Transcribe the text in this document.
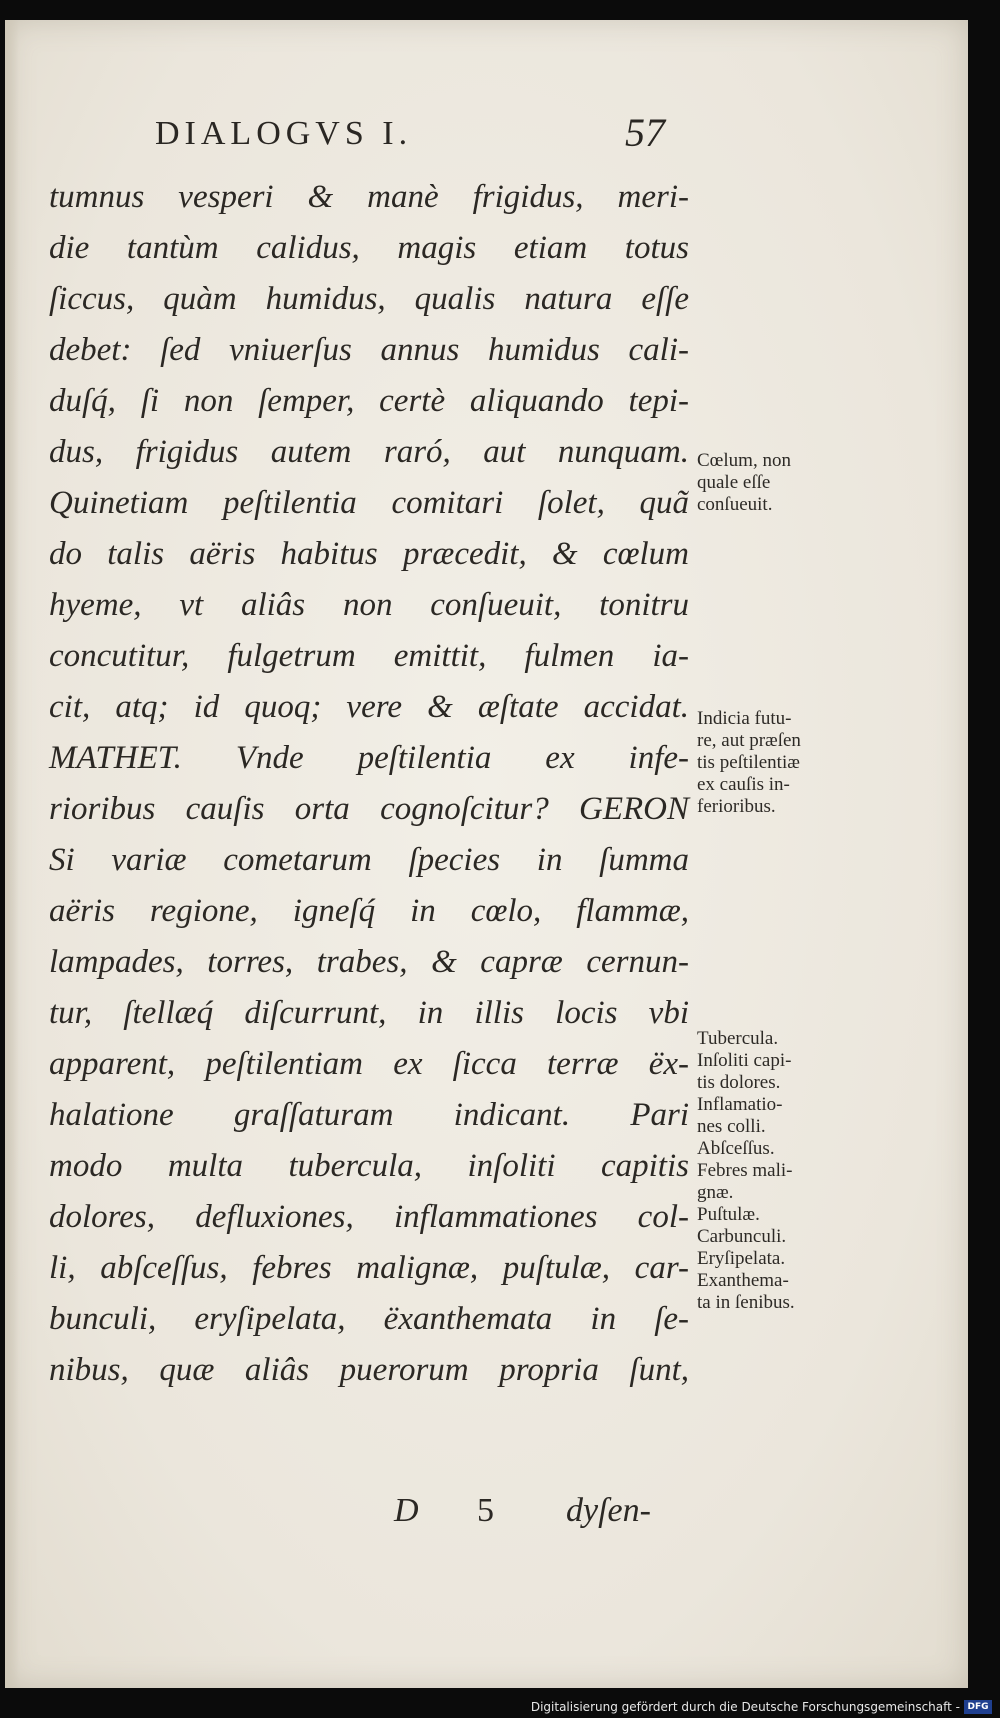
DIALOGVS I.	57
tumnus vesperi & manè frigidus, meri-
die tantùm calidus, magis etiam totus
ſiccus, quàm humidus, qualis natura eſſe
debet: ſed vniuerſus annus humidus cali-
duſq́, ſi non ſemper, certè aliquando tepi-
dus, frigidus autem raró, aut nunquam.
Quinetiam peſtilentia comitari ſolet, quã
do talis aëris habitus præcedit, & cœlum
hyeme, vt aliâs non conſueuit, tonitru
concutitur, fulgetrum emittit, fulmen ia-
cit, atq; id quoq; vere & æſtate accidat.
MATHET. Vnde peſtilentia ex infe-
rioribus cauſis orta cognoſcitur? GERON
Si variæ cometarum ſpecies in ſumma
aëris regione, igneſq́ in cœlo, flammæ,
lampades, torres, trabes, & capræ cernun-
tur, ſtellæq́ diſcurrunt, in illis locis vbi
apparent, peſtilentiam ex ſicca terræ ëx-
halatione graſſaturam indicant. Pari
modo multa tubercula, inſoliti capitis
dolores, defluxiones, inflammationes col-
li, abſceſſus, febres malignæ, puſtulæ, car-
bunculi, eryſipelata, ëxanthemata in ſe-
nibus, quæ aliâs puerorum propria ſunt,
D 5 dyſen-
Cœlum, non
quale eſſe
conſueuit.
Indicia futu-
re, aut præſen
tis peſtilentiæ
ex cauſis in-
ferioribus.
Tubercula.
Inſoliti capi-
tis dolores.
Inflamatio-
nes colli.
Abſceſſus.
Febres mali-
gnæ.
Puſtulæ.
Carbunculi.
Eryſipelata.
Exanthema-
ta in ſenibus.
Digitalisierung gefördert durch die Deutsche Forschungsgemeinschaft - DFG
